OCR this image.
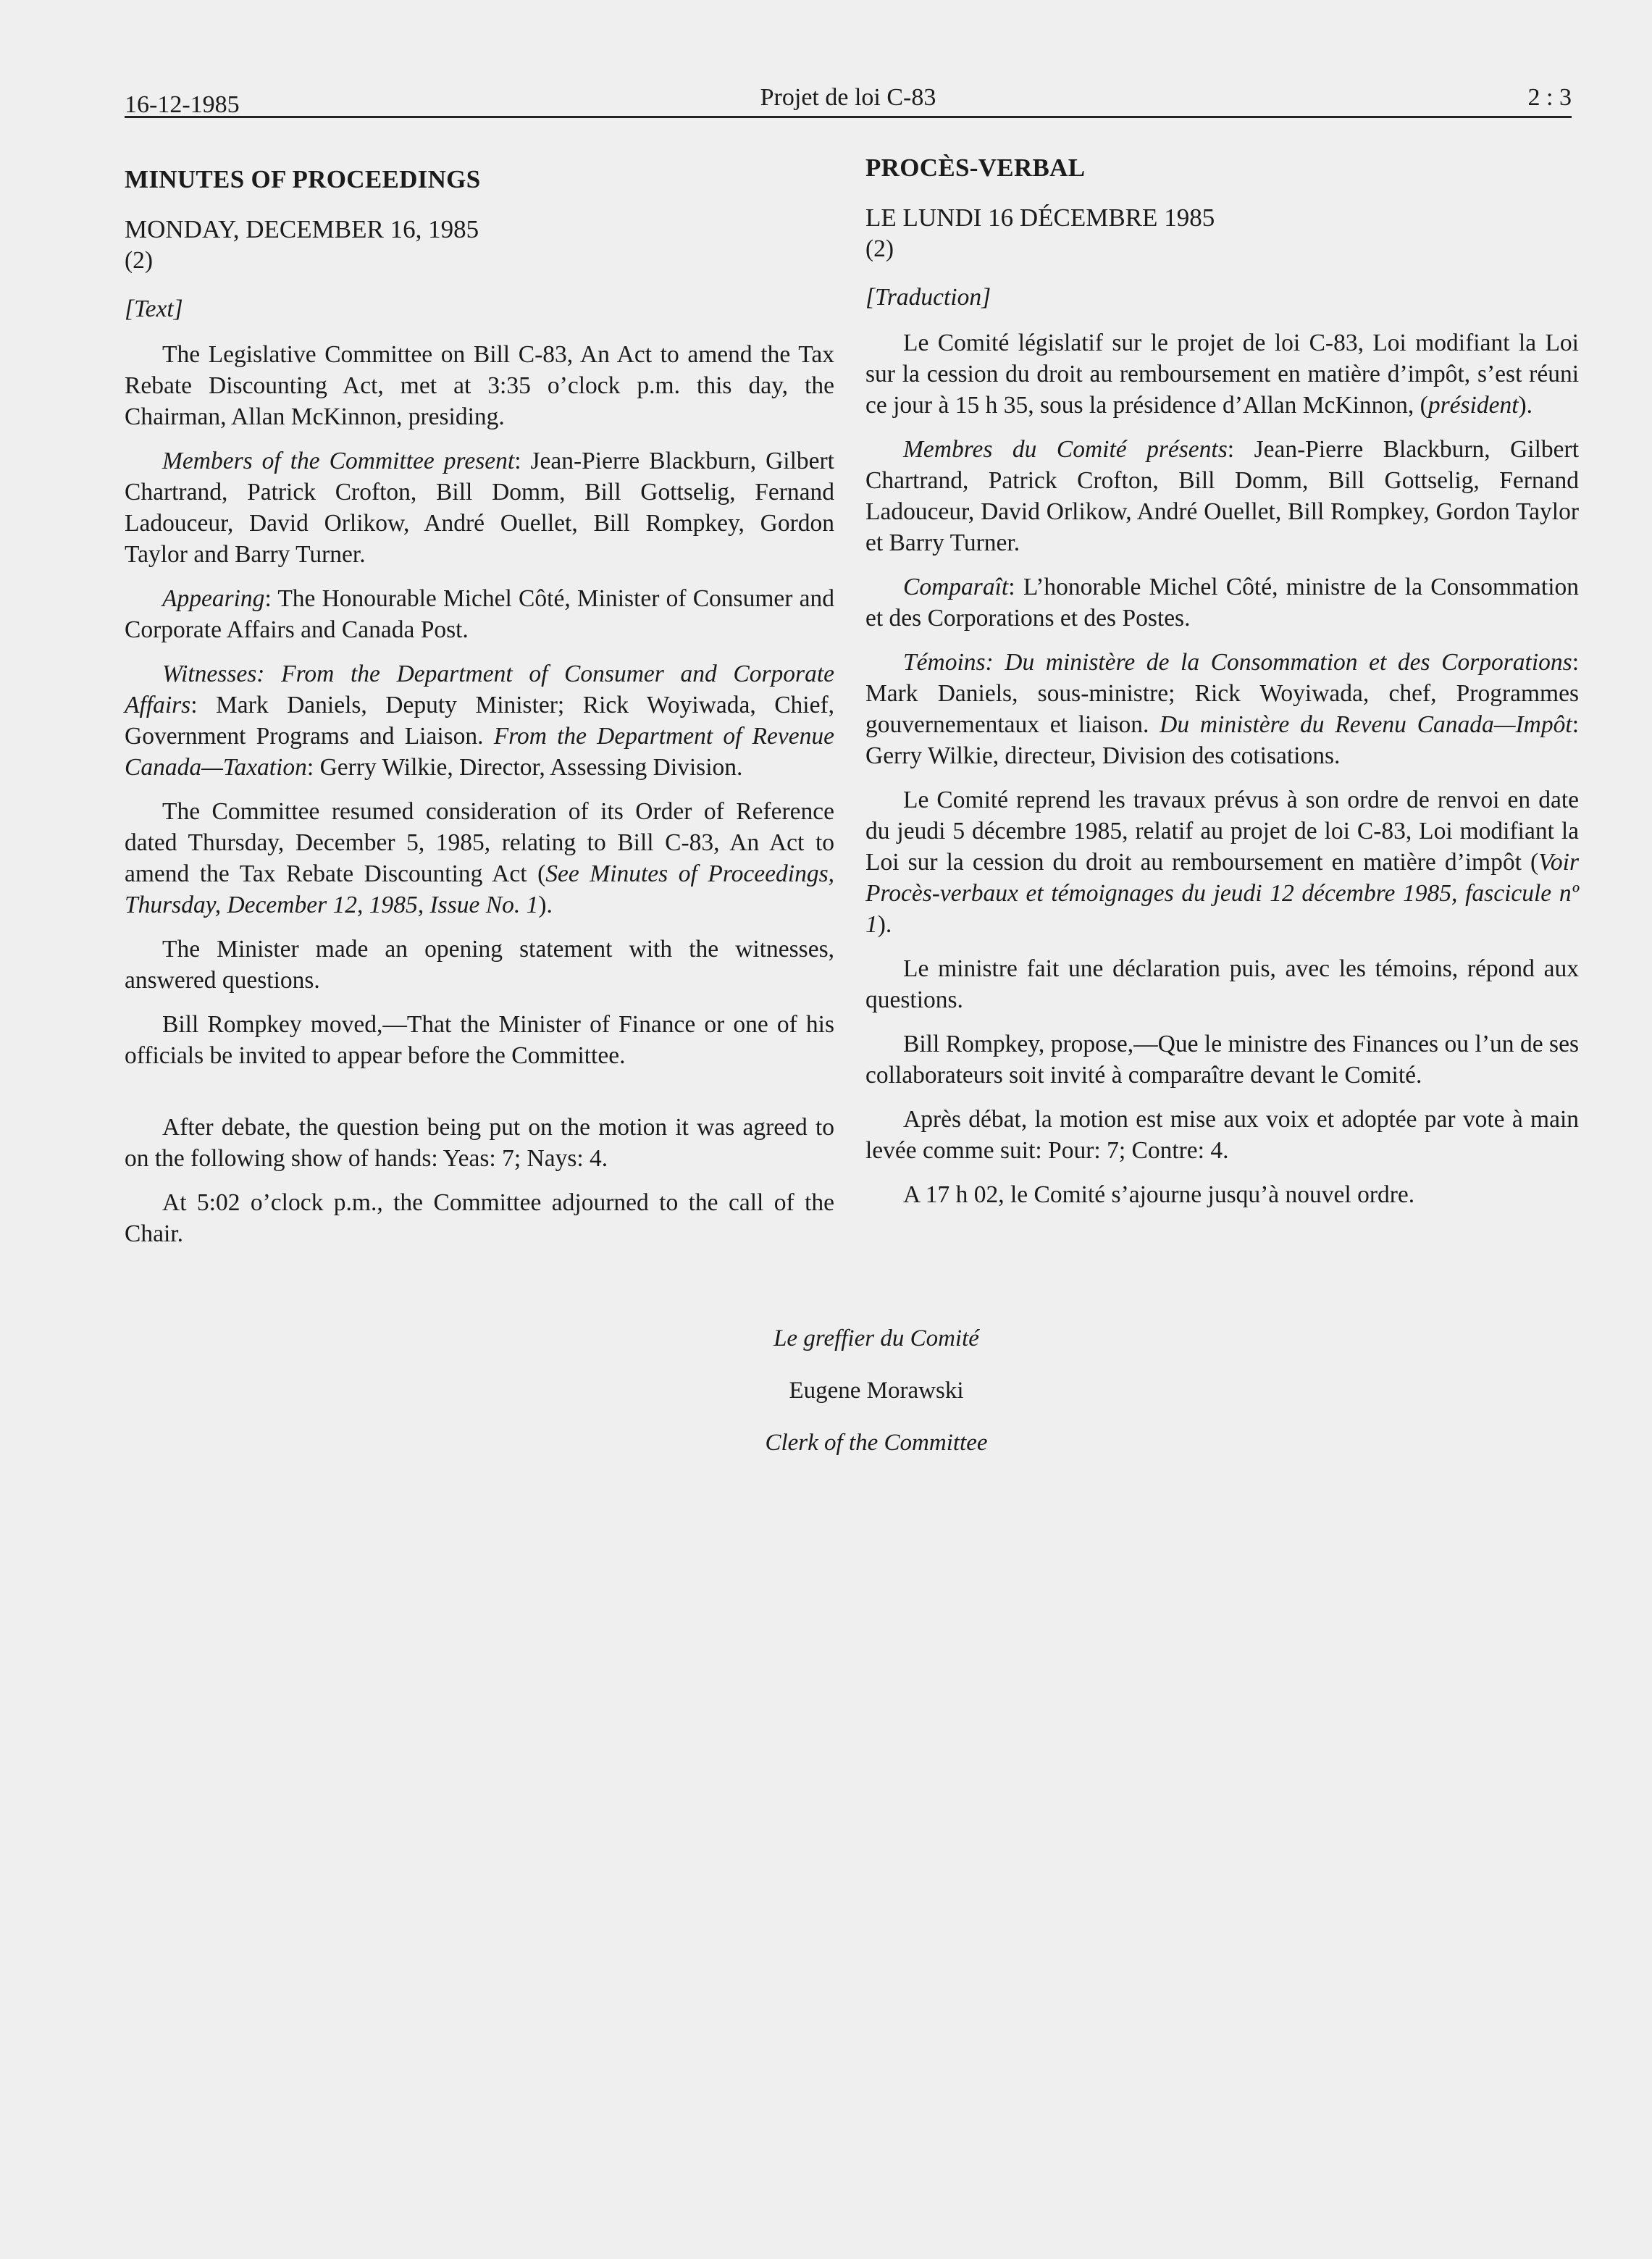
16-12-1985	Projet de loi C-83	2 : 3
MINUTES OF PROCEEDINGS

MONDAY, DECEMBER 16, 1985

(2)

[Text]

The Legislative Committee on Bill C-83, An Act to amend the Tax Rebate Discounting Act, met at 3:35 o’clock p.m. this day, the Chairman, Allan McKinnon, presiding.

Members of the Committee present: Jean-Pierre Blackburn, Gilbert Chartrand, Patrick Crofton, Bill Domm, Bill Gottselig, Fernand Ladouceur, David Orlikow, André Ouellet, Bill Rompkey, Gordon Taylor and Barry Turner.

Appearing: The Honourable Michel Côté, Minister of Consumer and Corporate Affairs and Canada Post.

Witnesses: From the Department of Consumer and Corporate Affairs: Mark Daniels, Deputy Minister; Rick Woyiwada, Chief, Government Programs and Liaison. From the Department of Revenue Canada—Taxation: Gerry Wilkie, Director, Assessing Division.

The Committee resumed consideration of its Order of Reference dated Thursday, December 5, 1985, relating to Bill C-83, An Act to amend the Tax Rebate Discounting Act (See Minutes of Proceedings, Thursday, December 12, 1985, Issue No. 1).

The Minister made an opening statement with the witnesses, answered questions.

Bill Rompkey moved,—That the Minister of Finance or one of his officials be invited to appear before the Committee.

After debate, the question being put on the motion it was agreed to on the following show of hands: Yeas: 7; Nays: 4.

At 5:02 o’clock p.m., the Committee adjourned to the call of the Chair.

PROCÈS-VERBAL

LE LUNDI 16 DÉCEMBRE 1985

(2)

[Traduction]

Le Comité législatif sur le projet de loi C-83, Loi modifiant la Loi sur la cession du droit au remboursement en matière d’impôt, s’est réuni ce jour à 15 h 35, sous la présidence d’Allan McKinnon, (président).

Membres du Comité présents: Jean-Pierre Blackburn, Gilbert Chartrand, Patrick Crofton, Bill Domm, Bill Gottselig, Fernand Ladouceur, David Orlikow, André Ouellet, Bill Rompkey, Gordon Taylor et Barry Turner.

Comparaît: L’honorable Michel Côté, ministre de la Consommation et des Corporations et des Postes.

Témoins: Du ministère de la Consommation et des Corporations: Mark Daniels, sous-ministre; Rick Woyiwada, chef, Programmes gouvernementaux et liaison. Du ministère du Revenu Canada—Impôt: Gerry Wilkie, directeur, Division des cotisations.

Le Comité reprend les travaux prévus à son ordre de renvoi en date du jeudi 5 décembre 1985, relatif au projet de loi C-83, Loi modifiant la Loi sur la cession du droit au remboursement en matière d’impôt (Voir Procès-verbaux et témoignages du jeudi 12 décembre 1985, fascicule nº 1).

Le ministre fait une déclaration puis, avec les témoins, répond aux questions.

Bill Rompkey, propose,—Que le ministre des Finances ou l’un de ses collaborateurs soit invité à comparaître devant le Comité.

Après débat, la motion est mise aux voix et adoptée par vote à main levée comme suit: Pour: 7; Contre: 4.

A 17 h 02, le Comité s’ajourne jusqu’à nouvel ordre.

Le greffier du Comité
Eugene Morawski
Clerk of the Committee
